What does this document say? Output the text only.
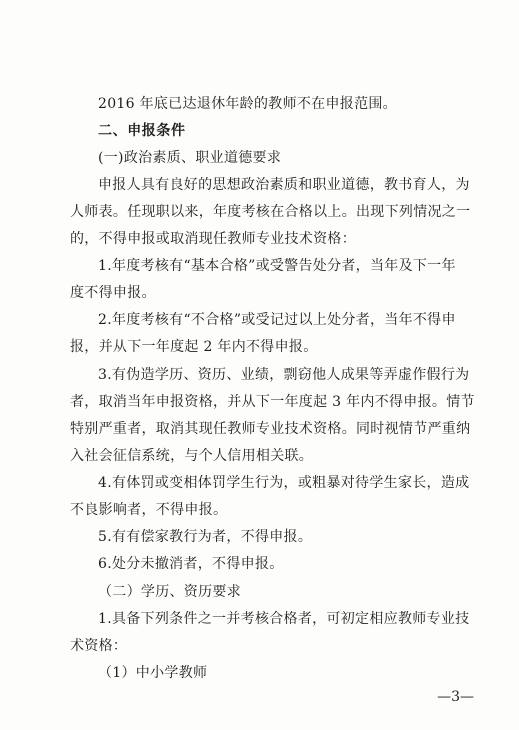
2016 年底已达退休年龄的教师不在申报范围。
二、申报条件
(一)政治素质、职业道德要求
申报人具有良好的思想政治素质和职业道德，教书育人，为
人师表。任现职以来，年度考核在合格以上。出现下列情况之一
的，不得申报或取消现任教师专业技术资格：
1.年度考核有“基本合格”或受警告处分者，当年及下一年
度不得申报。
2.年度考核有“不合格”或受记过以上处分者，当年不得申
报，并从下一年度起 2 年内不得申报。
3.有伪造学历、资历、业绩，剽窃他人成果等弄虚作假行为
者，取消当年申报资格，并从下一年度起 3 年内不得申报。情节
特别严重者，取消其现任教师专业技术资格。同时视情节严重纳
入社会征信系统，与个人信用相关联。
4.有体罚或变相体罚学生行为，或粗暴对待学生家长，造成
不良影响者，不得申报。
5.有有偿家教行为者，不得申报。
6.处分未撤消者，不得申报。
（二）学历、资历要求
1.具备下列条件之一并考核合格者，可初定相应教师专业技
术资格：
（1）中小学教师
—3—
